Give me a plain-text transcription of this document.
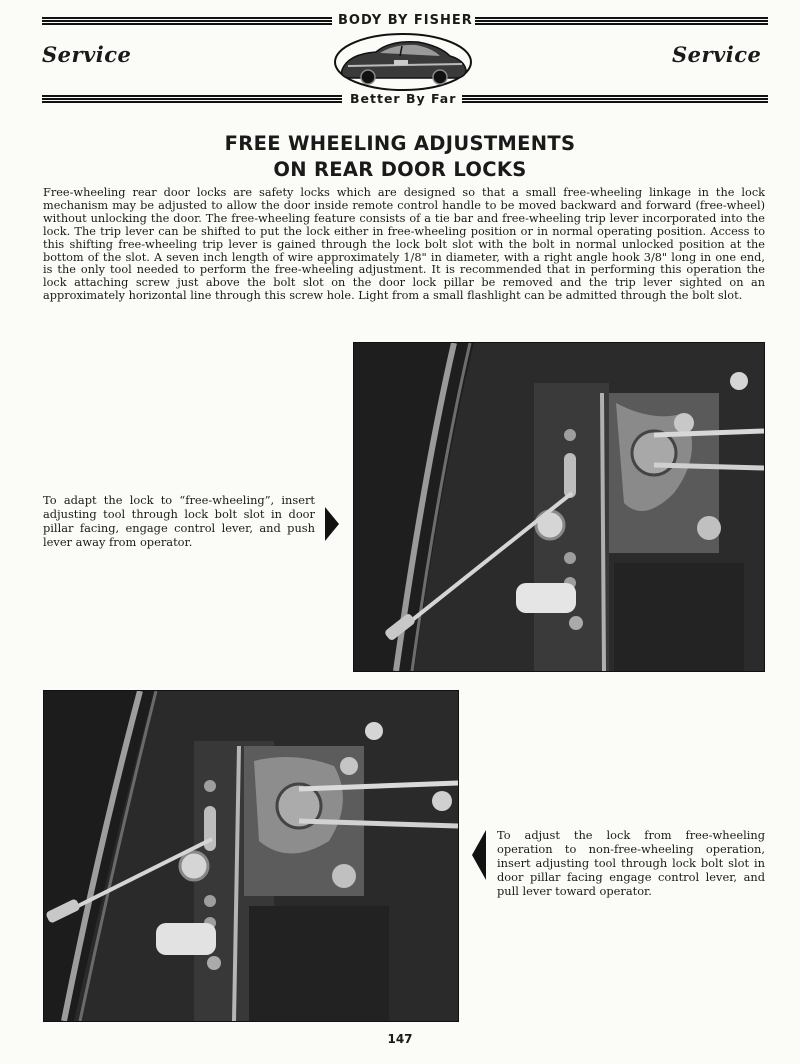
BODY BY FISHER
Service	Service
Better By Far
FREE WHEELING ADJUSTMENTS
ON REAR DOOR LOCKS

Free-wheeling rear door locks are safety locks which are designed so that a small free-wheeling linkage in the lock mechanism may be adjusted to allow the door inside remote control handle to be moved backward and forward (free-wheel) without unlocking the door. The free-wheeling feature consists of a tie bar and free-wheeling trip lever incorporated into the lock. The trip lever can be shifted to put the lock either in free-wheeling position or in normal operating position. Access to this shifting free-wheeling trip lever is gained through the lock bolt slot with the bolt in normal unlocked position at the bottom of the slot. A seven inch length of wire approximately 1/8" in diameter, with a right angle hook 3/8" long in one end, is the only tool needed to perform the free-wheeling adjustment. It is recommended that in performing this operation the lock attaching screw just above the bolt slot on the door lock pillar be removed and the trip lever sighted on an approximately horizontal line through this screw hole. Light from a small flashlight can be admitted through the bolt slot.

To adapt the lock to “free-wheeling”, insert adjusting tool through lock bolt slot in door pillar facing, engage control lever, and push lever away from operator.

To adjust the lock from free-wheeling operation to non-free-wheeling operation, insert adjusting tool through lock bolt slot in door pillar facing engage control lever, and pull lever toward operator.

147
